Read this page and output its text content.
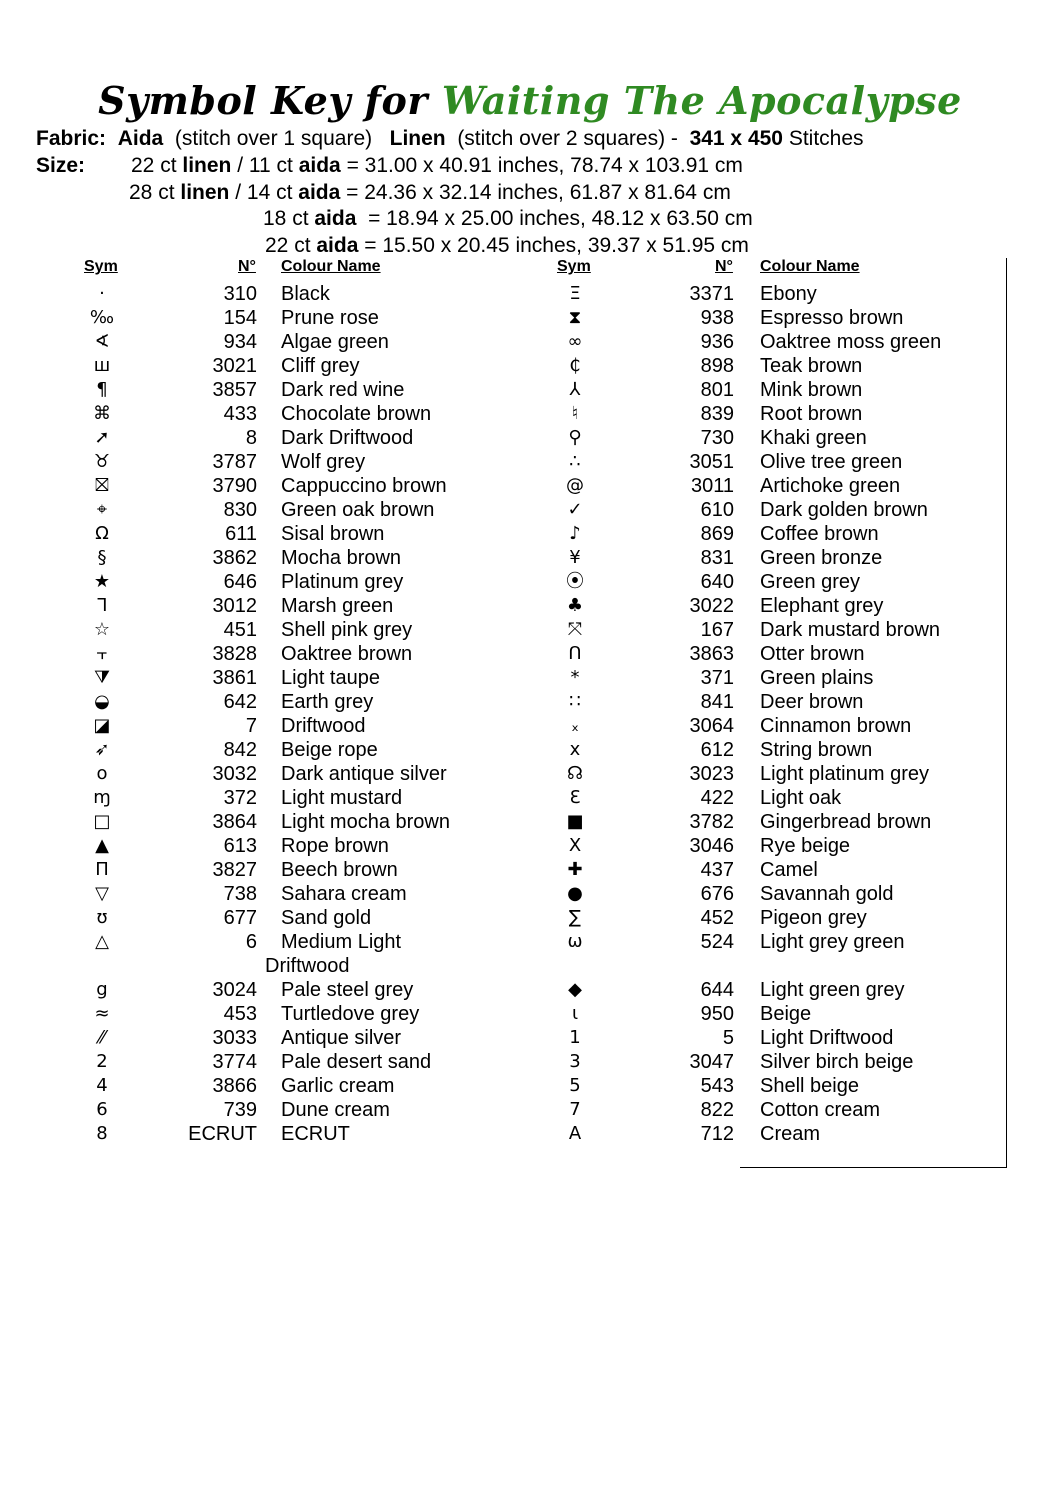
Symbol Key for Waiting The Apocalypse
Fabric: Aida (stitch over 1 square) Linen (stitch over 2 squares) - 341 x 450 Stitches
Size: 22 ct linen / 11 ct aida = 31.00 x 40.91 inches, 78.74 x 103.91 cm
28 ct linen / 14 ct aida = 24.36 x 32.14 inches, 61.87 x 81.64 cm
18 ct aida  = 18.94 x 25.00 inches, 48.12 x 63.50 cm
22 ct aida = 15.50 x 20.45 inches, 39.37 x 51.95 cm
Sym	N° Colour Name	Sym	N° Colour Name
·	310 Black
‰	154 Prune rose
∢	934 Algae green
ш	3021 Cliff grey
¶	3857 Dark red wine
⌘	433 Chocolate brown
➚	8 Dark Driftwood
♉	3787 Wolf grey
⛝	3790 Cappuccino brown
⌖	830 Green oak brown
Ω	611 Sisal brown
§	3862 Mocha brown
★	646 Platinum grey
ᒣ	3012 Marsh green
☆	451 Shell pink grey
⫟	3828 Oaktree brown
⧩	3861 Light taupe
◒	642 Earth grey
◪	7 Driftwood
➶	842 Beige rope
o	3032 Dark antique silver
ɱ	372 Light mustard
□	3864 Light mocha brown
▲	613 Rope brown
Π	3827 Beech brown
▽	738 Sahara cream
ʊ	677 Sand gold
△	6 Medium Light
Driftwood
g	3024 Pale steel grey
≈	453 Turtledove grey
⁄⁄	3033 Antique silver
2	3774 Pale desert sand
4	3866 Garlic cream
6	739 Dune cream
8	ECRUT ECRUT
Ξ	3371 Ebony
⧗	938 Espresso brown
∞	936 Oaktree moss green
₵	898 Teak brown
⅄	801 Mink brown
♮	839 Root brown
⚲	730 Khaki green
∴	3051 Olive tree green
@	3011 Artichoke green
✓	610 Dark golden brown
♪	869 Coffee brown
¥	831 Green bronze
⦿	640 Green grey
♣	3022 Elephant grey
⤧	167 Dark mustard brown
ᑎ	3863 Otter brown
*	371 Green plains
∷	841 Deer brown
᙮	3064 Cinnamon brown
x	612 String brown
☊	3023 Light platinum grey
Ɛ	422 Light oak
■	3782 Gingerbread brown
Ⅹ	3046 Rye beige
✚	437 Camel
●	676 Savannah gold
∑	452 Pigeon grey
ω	524 Light grey green
◆	644 Light green grey
ɩ	950 Beige
1	5 Light Driftwood
3	3047 Silver birch beige
5	543 Shell beige
7	822 Cotton cream
A	712 Cream
